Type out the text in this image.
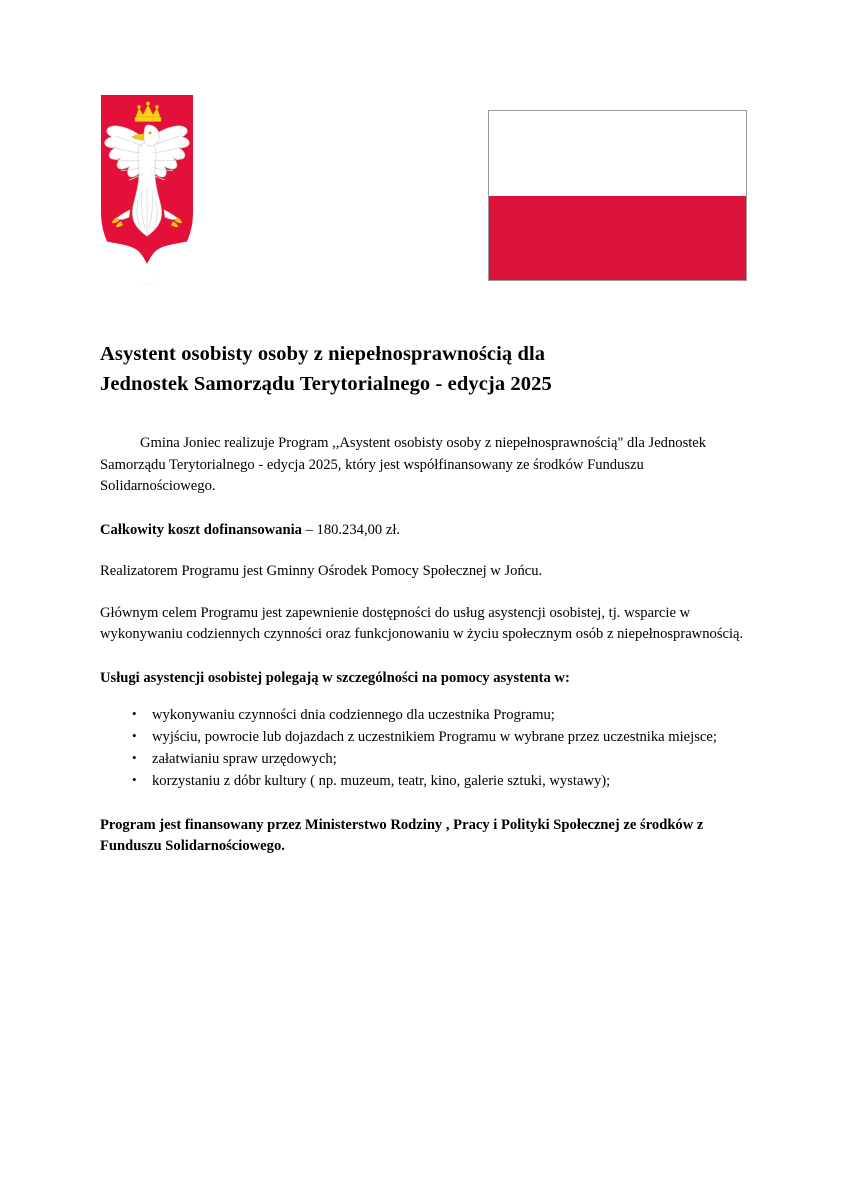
Asystent osobisty osoby z niepełnosprawnością dla
Jednostek Samorządu Terytorialnego - edycja 2025

Gmina Joniec realizuje Program ,,Asystent osobisty osoby z niepełnosprawnością" dla Jednostek Samorządu Terytorialnego - edycja 2025, który jest współfinansowany ze środków Funduszu Solidarnościowego.

Całkowity koszt dofinansowania – 180.234,00 zł.

Realizatorem Programu jest Gminny Ośrodek Pomocy Społecznej w Jońcu.

Głównym celem Programu jest zapewnienie dostępności do usług asystencji osobistej, tj. wsparcie w wykonywaniu codziennych czynności oraz funkcjonowaniu w życiu społecznym osób z niepełnosprawnością.

Usługi asystencji osobistej polegają w szczególności na pomocy asystenta w:

• wykonywaniu czynności dnia codziennego dla uczestnika Programu;
• wyjściu, powrocie lub dojazdach z uczestnikiem Programu w wybrane przez uczestnika miejsce;
• załatwianiu spraw urzędowych;
• korzystaniu z dóbr kultury ( np. muzeum, teatr, kino, galerie sztuki, wystawy);

Program jest finansowany przez Ministerstwo Rodziny , Pracy i Polityki Społecznej ze środków z Funduszu Solidarnościowego.
